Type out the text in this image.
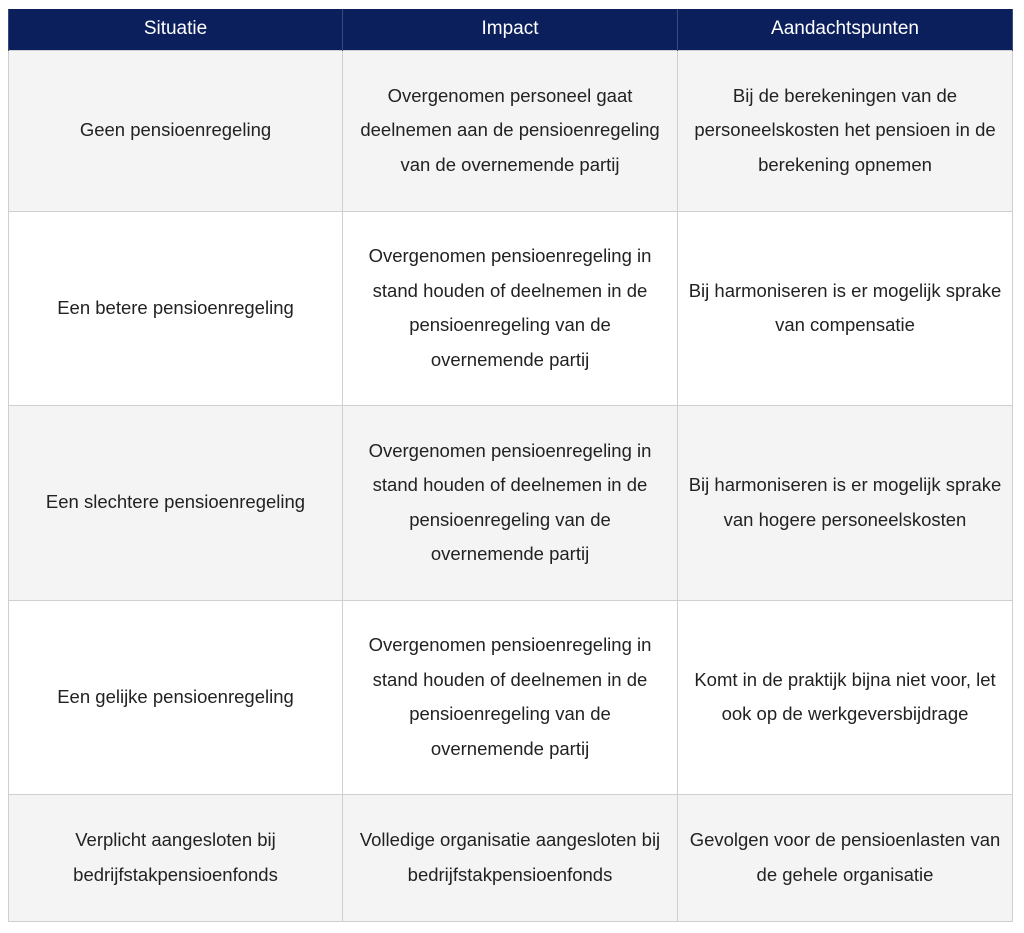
Situatie	Impact	Aandachtspunten
Geen pensioenregeling	Overgenomen personeel gaat deelnemen aan de pensioenregeling van de overnemende partij	Bij de berekeningen van de personeelskosten het pensioen in de berekening opnemen
Een betere pensioenregeling	Overgenomen pensioenregeling in stand houden of deelnemen in de pensioenregeling van de overnemende partij	Bij harmoniseren is er mogelijk sprake van compensatie
Een slechtere pensioenregeling	Overgenomen pensioenregeling in stand houden of deelnemen in de pensioenregeling van de overnemende partij	Bij harmoniseren is er mogelijk sprake van hogere personeelskosten
Een gelijke pensioenregeling	Overgenomen pensioenregeling in stand houden of deelnemen in de pensioenregeling van de overnemende partij	Komt in de praktijk bijna niet voor, let ook op de werkgeversbijdrage
Verplicht aangesloten bij bedrijfstakpensioenfonds	Volledige organisatie aangesloten bij bedrijfstakpensioenfonds	Gevolgen voor de pensioenlasten van de gehele organisatie
